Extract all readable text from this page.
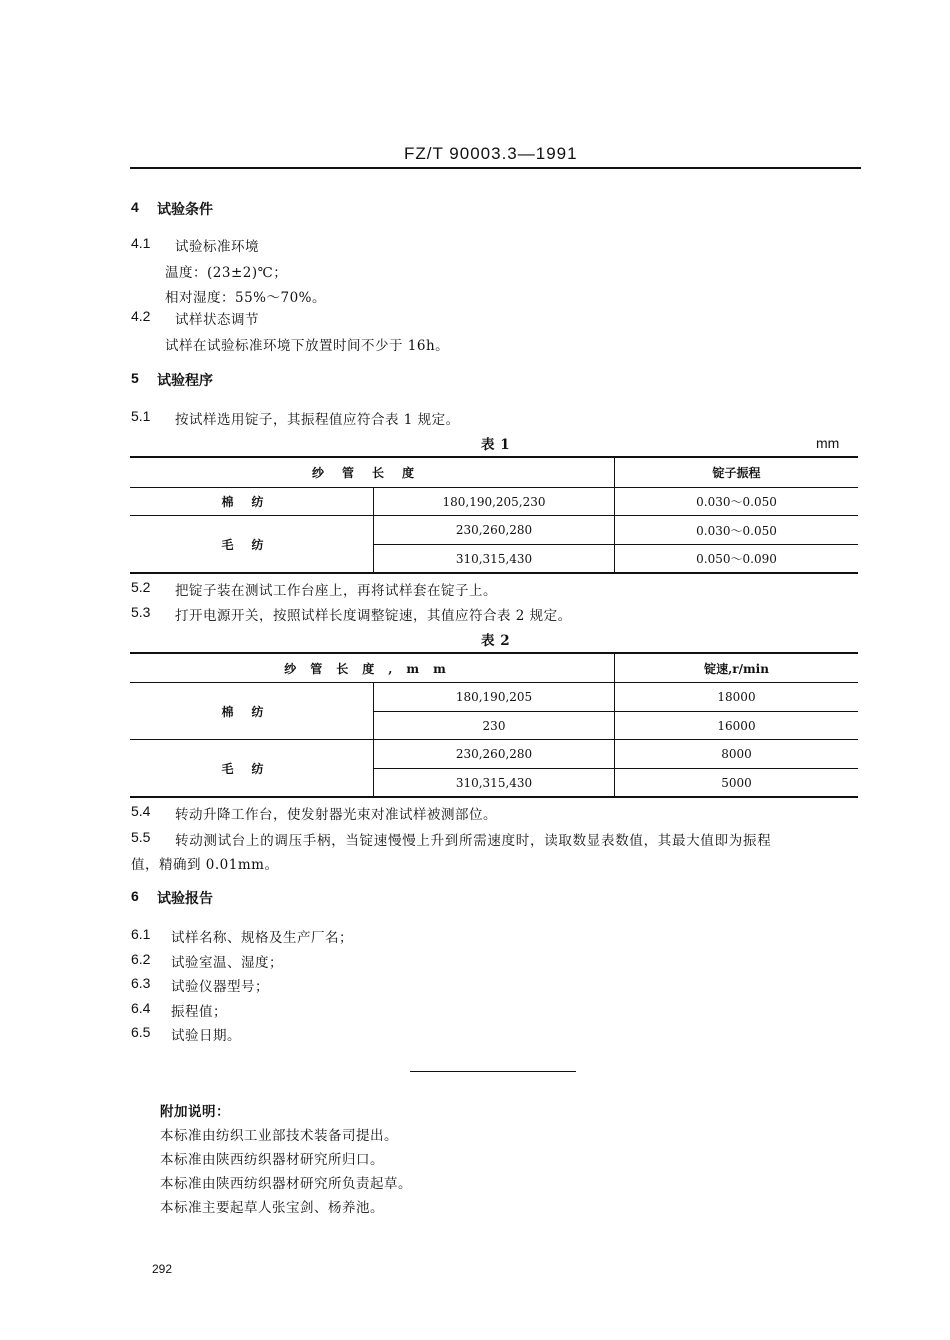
FZ/T 90003.3—1991
4 试验条件
4.1 试验标准环境
温度：(23±2)℃；
相对湿度：55%～70%。
4.2 试样状态调节
试样在试验标准环境下放置时间不少于 16h。
5 试验程序
5.1 按试样选用锭子，其振程值应符合表 1 规定。
表 1	mm
纱管长度		锭子振程
棉纺	180,190,205,230	0.030～0.050
毛纺	230,260,280	0.030～0.050
	310,315,430	0.050～0.090
5.2 把锭子装在测试工作台座上，再将试样套在锭子上。
5.3 打开电源开关，按照试样长度调整锭速，其值应符合表 2 规定。
表 2
纱管长度,mm		锭速,r/min
棉纺	180,190,205	18000
	230	16000
毛纺	230,260,280	8000
	310,315,430	5000
5.4 转动升降工作台，使发射器光束对准试样被测部位。
5.5 转动测试台上的调压手柄，当锭速慢慢上升到所需速度时，读取数显表数值，其最大值即为振程
值，精确到 0.01mm。
6 试验报告
6.1 试样名称、规格及生产厂名；
6.2 试验室温、湿度；
6.3 试验仪器型号；
6.4 振程值；
6.5 试验日期。
附加说明：
本标准由纺织工业部技术装备司提出。
本标准由陕西纺织器材研究所归口。
本标准由陕西纺织器材研究所负责起草。
本标准主要起草人张宝剑、杨养池。
292
